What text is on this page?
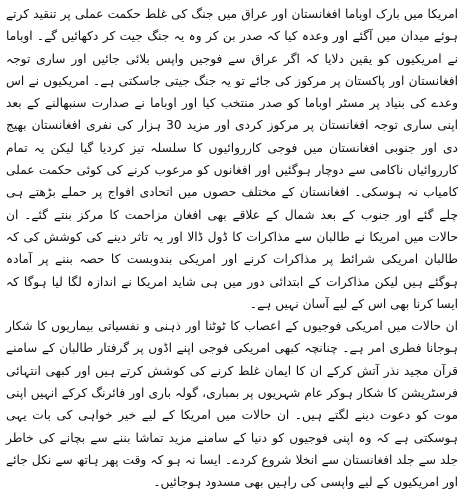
امریکا میں بارک اوباما افغانستان اور عراق میں جنگ کی غلط حکمت عملی پر تنقید کرتے ہوئے میدان میں آگئے اور وعدہ کیا کہ صدر بن کر وہ یہ جنگ جیت کر دکھائیں گے۔ اوباما نے امریکیوں کو یقین دلایا کہ اگر عراق سے فوجیں واپس بلائی جائیں اور ساری توجہ افغانستان اور پاکستان پر مرکوز کی جائے تو یہ جنگ جیتی جاسکتی ہے۔ امریکیوں نے اس وعدے کی بنیاد پر مسٹر اوباما کو صدر منتخب کیا اور اوباما نے صدارت سنبھالنے کے بعد اپنی ساری توجہ افغانستان پر مرکوز کردی اور مزید 30 ہزار کی نفری افغانستان بھیج دی اور جنوبی افغانستان میں فوجی کارروائیوں کا سلسلہ تیز کردیا گیا لیکن یہ تمام کارروائیاں ناکامی سے دوچار ہوگئیں اور افغانوں کو مرعوب کرنے کی کوئی حکمت عملی کامیاب نہ ہوسکی۔ افغانستان کے مختلف حصوں میں اتحادی افواج پر حملے بڑھتے ہی چلے گئے اور جنوب کے بعد شمال کے علاقے بھی افغان مزاحمت کا مرکز بنتے گئے۔ ان حالات میں امریکا نے طالبان سے مذاکرات کا ڈول ڈالا اور یہ تاثر دینے کی کوشش کی کہ طالبان امریکی شرائط پر مذاکرات کرنے اور امریکی بندوبست کا حصہ بننے پر آمادہ ہوگئے ہیں لیکن مذاکرات کے ابتدائی دور میں ہی شاید امریکا نے اندازہ لگا لیا ہوگا کہ ایسا کرنا بھی اس کے لیے آسان نہیں ہے۔

ان حالات میں امریکی فوجیوں کے اعصاب کا ٹوٹنا اور ذہنی و نفسیاتی بیماریوں کا شکار ہوجانا فطری امر ہے۔ چنانچہ کبھی امریکی فوجی اپنے اڈوں پر گرفتار طالبان کے سامنے قرآن مجید نذر آتش کرکے ان کا ایمان غلط کرنے کی کوشش کرتے ہیں اور کبھی انتہائی فرسٹریشن کا شکار ہوکر عام شہریوں پر بمباری، گولہ باری اور فائرنگ کرکے انہیں اپنی موت کو دعوت دینے لگتے ہیں۔ ان حالات میں امریکا کے لیے خیر خواہی کی بات یہی ہوسکتی ہے کہ وہ اپنی فوجیوں کو دنیا کے سامنے مزید تماشا بننے سے بچانے کی خاطر جلد سے جلد افغانستان سے انخلا شروع کردے۔ ایسا نہ ہو کہ وقت پھر ہاتھ سے نکل جائے اور امریکیوں کے لیے واپسی کی راہیں بھی مسدود ہوجائیں۔
